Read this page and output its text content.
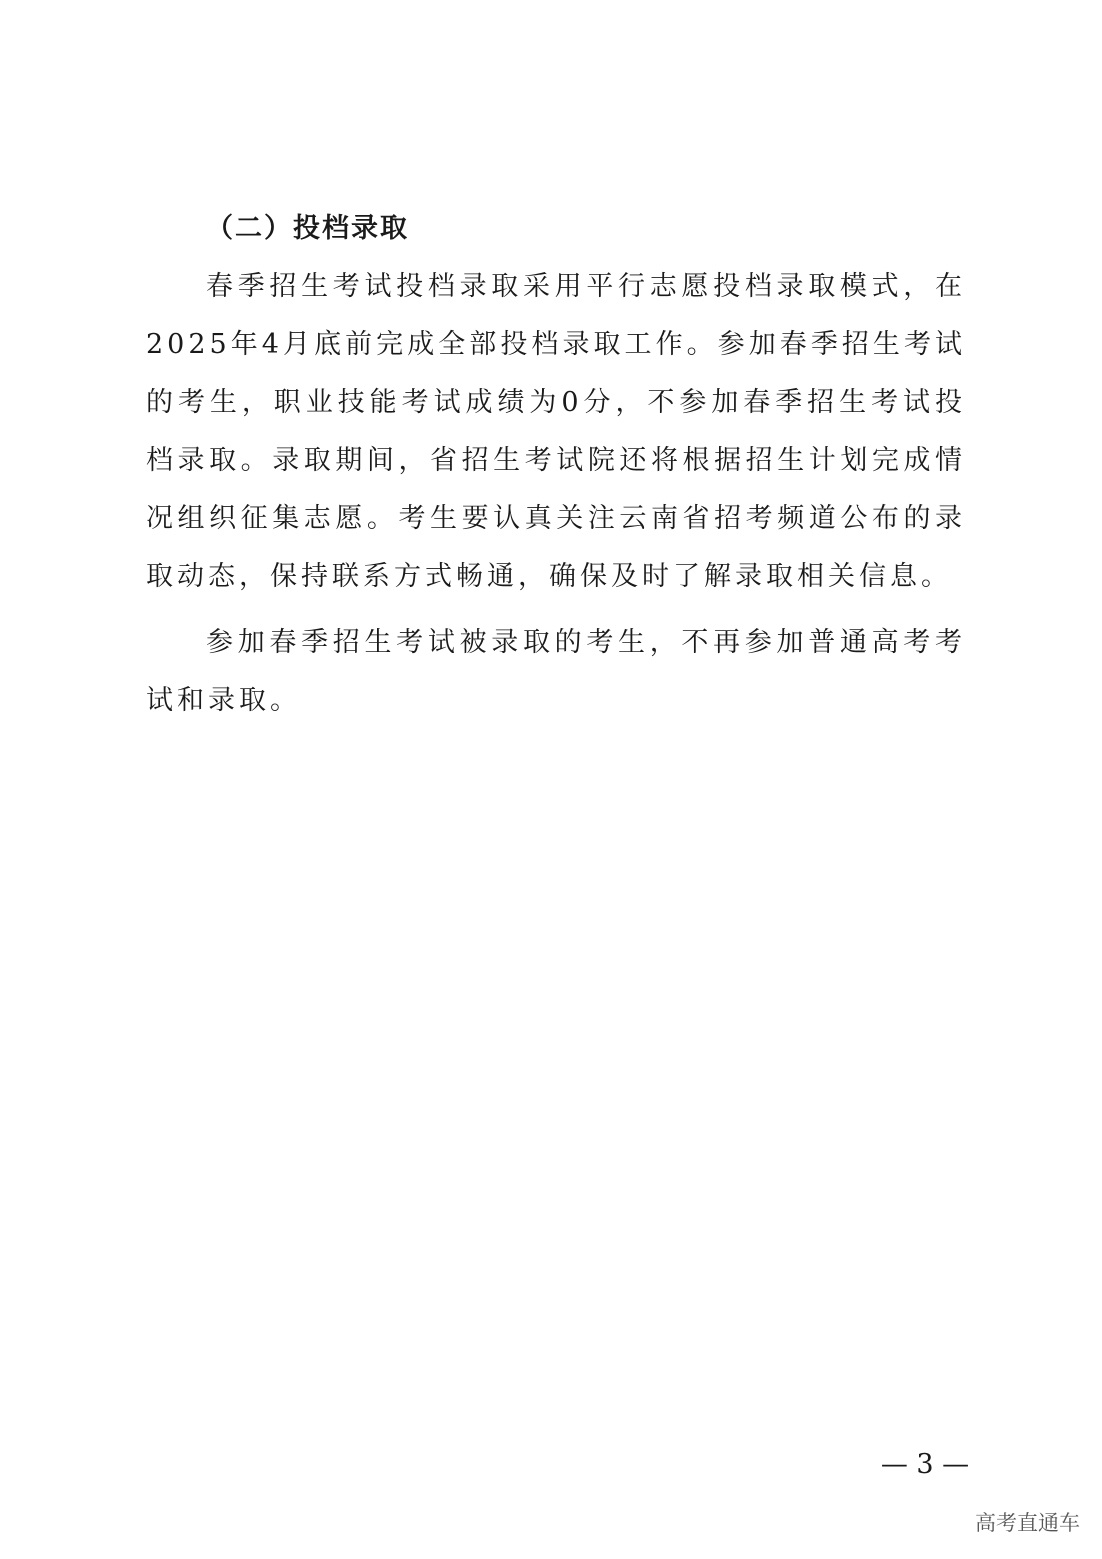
（二）投档录取

春季招生考试投档录取采用平行志愿投档录取模式，在2025年4月底前完成全部投档录取工作。参加春季招生考试的考生，职业技能考试成绩为0分，不参加春季招生考试投档录取。录取期间，省招生考试院还将根据招生计划完成情况组织征集志愿。考生要认真关注云南省招考频道公布的录取动态，保持联系方式畅通，确保及时了解录取相关信息。

参加春季招生考试被录取的考生，不再参加普通高考考试和录取。

— 3 —
高考直通车
